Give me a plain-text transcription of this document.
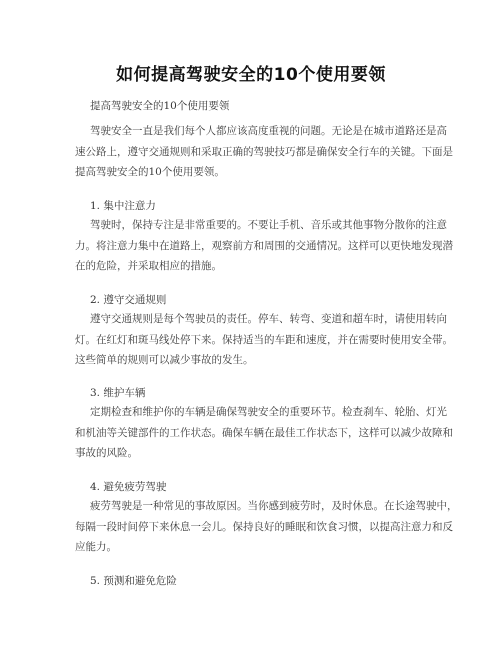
如何提高驾驶安全的10个使用要领
提高驾驶安全的10个使用要领
驾驶安全一直是我们每个人都应该高度重视的问题。无论是在城市道路还是高
速公路上，遵守交通规则和采取正确的驾驶技巧都是确保安全行车的关键。下面是
提高驾驶安全的10个使用要领。
1. 集中注意力
驾驶时，保持专注是非常重要的。不要让手机、音乐或其他事物分散你的注意
力。将注意力集中在道路上，观察前方和周围的交通情况。这样可以更快地发现潜
在的危险，并采取相应的措施。
2. 遵守交通规则
遵守交通规则是每个驾驶员的责任。停车、转弯、变道和超车时，请使用转向
灯。在红灯和斑马线处停下来。保持适当的车距和速度，并在需要时使用安全带。
这些简单的规则可以减少事故的发生。
3. 维护车辆
定期检查和维护你的车辆是确保驾驶安全的重要环节。检查刹车、轮胎、灯光
和机油等关键部件的工作状态。确保车辆在最佳工作状态下，这样可以减少故障和
事故的风险。
4. 避免疲劳驾驶
疲劳驾驶是一种常见的事故原因。当你感到疲劳时，及时休息。在长途驾驶中，
每隔一段时间停下来休息一会儿。保持良好的睡眠和饮食习惯，以提高注意力和反
应能力。
5. 预测和避免危险
